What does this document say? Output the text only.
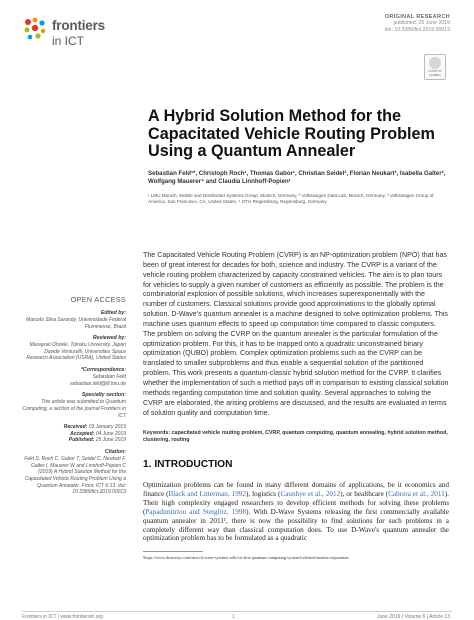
frontiers
in ICT
ORIGINAL RESEARCH
published: 25 June 2019
doi: 10.3389/fict.2019.00013
Check for updates
A Hybrid Solution Method for the Capacitated Vehicle Routing Problem Using a Quantum Annealer
Sebastian Feld¹*, Christoph Roch¹, Thomas Gabor¹, Christian Seidel², Florian Neukart³, Isabella Galter², Wolfgang Mauerer⁴ and Claudia Linnhoff-Popien¹
¹ LMU Munich, Mobile and Distributed Systems Group, Munich, Germany, ² Volkswagen Data:Lab, Munich, Germany, ³ Volkswagen Group of America, San Francisco, CA, United States, ⁴ OTH Regensburg, Regensburg, Germany
The Capacitated Vehicle Routing Problem (CVRP) is an NP-optimization problem (NPO) that has been of great interest for decades for both, science and industry. The CVRP is a variant of the vehicle routing problem characterized by capacity constrained vehicles. The aim is to plan tours for vehicles to supply a given number of customers as efficiently as possible. The problem is the combinatorial explosion of possible solutions, which increases superexponentially with the number of customers. Classical solutions provide good approximations to the globally optimal solution. D-Wave's quantum annealer is a machine designed to solve optimization problems. This machine uses quantum effects to speed up computation time compared to classic computers. The problem on solving the CVRP on the quantum annealer is the particular formulation of the optimization problem. For this, it has to be mapped onto a quadratic unconstrained binary optimization (QUBO) problem. Complex optimization problems such as the CVRP can be translated to smaller subproblems and thus enable a sequential solution of the partitioned problem. This work presents a quantum-classic hybrid solution method for the CVRP. It clarifies whether the implementation of such a method pays off in comparison to existing classical solution methods regarding computation time and solution quality. Several approaches to solving the CVRP are elaborated, the arising problems are discussed, and the results are evaluated in terms of solution quality and computation time.
Keywords: capacitated vehicle routing problem, CVRP, quantum computing, quantum annealing, hybrid solution method, clustering, routing
1. INTRODUCTION
Optimization problems can be found in many different domains of applications, be it economics and finance (Black and Litterman, 1992), logistics (Caunhye et al., 2012), or healthcare (Cabrera et al., 2011). Their high complexity engaged researchers to develop efficient methods for solving these problems (Papadimitriou and Steiglitz, 1998). With D-Wave Systems releasing the first commercially available quantum annealer in 2011¹, there is now the possibility to find solutions for such problems in a completely different way than classical computation does. To use D-Wave's quantum annealer the optimization problem has to be formulated as a quadratic
¹https://www.dwavesys.com/news/d-wave-systems-sells-its-first-quantum-computing-system-lockheed-martin-corporation.
OPEN ACCESS
Edited by:
Marcelo Silva Sarandy, Universidade Federal Fluminense, Brazil
Reviewed by:
Masayuki Ohzeki, Tohoku University, Japan
Davide Venturelli, Universities Space Research Association (USRA), United States
*Correspondence:
Sebastian Feld
sebastian.feld@ifi.lmu.de
Specialty section:
This article was submitted to Quantum Computing, a section of the journal Frontiers in ICT
Received: 03 January 2019
Accepted: 04 June 2019
Published: 25 June 2019
Citation:
Feld S, Roch C, Gabor T, Seidel C, Neukart F, Galter I, Mauerer W and Linnhoff-Popien C (2019) A Hybrid Solution Method for the Capacitated Vehicle Routing Problem Using a Quantum Annealer. Front. ICT 6:13. doi: 10.3389/fict.2019.00013
Frontiers in ICT | www.frontiersin.org	1	June 2019 | Volume 6 | Article 13
